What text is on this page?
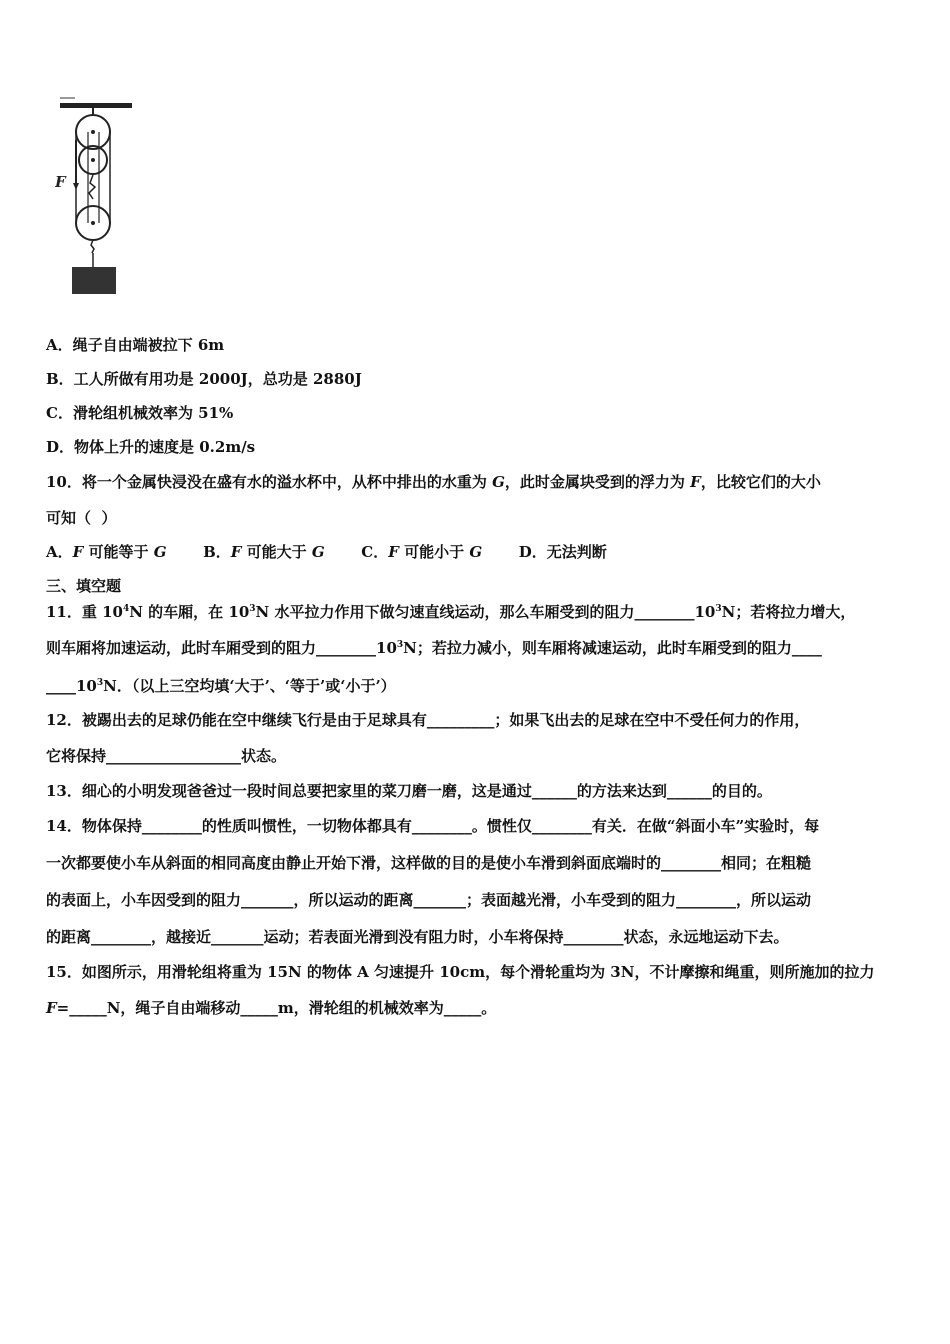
F
A．绳子自由端被拉下 6m
B．工人所做有用功是 2000J，总功是 2880J
C．滑轮组机械效率为 51%
D．物体上升的速度是 0.2m/s
10．将一个金属快浸没在盛有水的溢水杯中，从杯中排出的水重为 G，此时金属块受到的浮力为 F，比较它们的大小
可知（  ）
A．F 可能等于 G       B．F 可能大于 G       C．F 可能小于 G       D．无法判断
三、填空题
11．重 $10^4N$ 的车厢，在 $10^3N$ 水平拉力作用下做匀速直线运动，那么车厢受到的阻力$\_\_\_\_\_\_\_\_10^3N$；若将拉力增大，
则车厢将加速运动，此时车厢受到的阻力$\_\_\_\_\_\_\_\_10^3N$；若拉力减小，则车厢将减速运动，此时车厢受到的阻力____
$\_\_\_\_10^3N$．（以上三空均填‘大于’、‘等于’或‘小于’）
12．被踢出去的足球仍能在空中继续飞行是由于足球具有_________；如果飞出去的足球在空中不受任何力的作用，
它将保持__________________状态。
13．细心的小明发现爸爸过一段时间总要把家里的菜刀磨一磨，这是通过______的方法来达到______的目的。
14．物体保持________的性质叫惯性，一切物体都具有________。惯性仅________有关．在做“斜面小车”实验时，每
一次都要使小车从斜面的相同高度由静止开始下滑，这样做的目的是使小车滑到斜面底端时的________相同；在粗糙
的表面上，小车因受到的阻力_______，所以运动的距离_______；表面越光滑，小车受到的阻力________，所以运动
的距离________，越接近_______运动；若表面光滑到没有阻力时，小车将保持________状态，永远地运动下去。
15．如图所示，用滑轮组将重为 15N 的物体 A 匀速提升 10cm，每个滑轮重均为 3N，不计摩擦和绳重，则所施加的拉力
F=_____N，绳子自由端移动_____m，滑轮组的机械效率为_____。
